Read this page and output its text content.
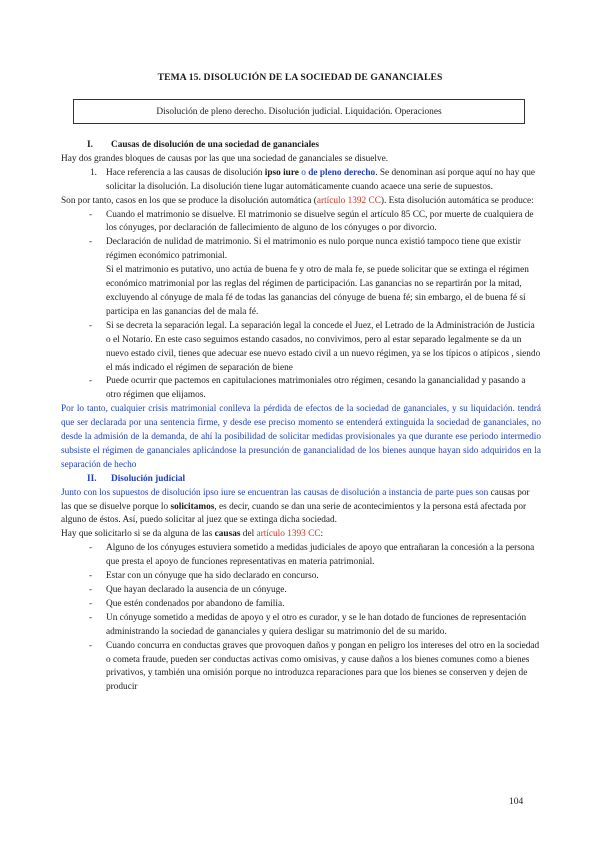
TEMA 15. DISOLUCIÓN DE LA SOCIEDAD DE GANANCIALES
Disolución de pleno derecho. Disolución judicial. Liquidación. Operaciones

I. Causas de disolución de una sociedad de gananciales

Hay dos grandes bloques de causas por las que una sociedad de gananciales se disuelve.

1. Hace referencia a las causas de disolución ipso iure o de pleno derecho. Se denominan así porque aquí no hay que solicitar la disolución. La disolución tiene lugar automáticamente cuando acaece una serie de supuestos.

Son por tanto, casos en los que se produce la disolución automática (artículo 1392 CC). Esta disolución automática se produce:

- Cuando el matrimonio se disuelve. El matrimonio se disuelve según el artículo 85 CC, por muerte de cualquiera de los cónyuges, por declaración de fallecimiento de alguno de los cónyuges o por divorcio.
- Declaración de nulidad de matrimonio. Si el matrimonio es nulo porque nunca existió tampoco tiene que existir régimen económico patrimonial.
Si el matrimonio es putativo, uno actúa de buena fe y otro de mala fe, se puede solicitar que se extinga el régimen económico matrimonial por las reglas del régimen de participación. Las ganancias no se repartirán por la mitad, excluyendo al cónyuge de mala fé de todas las ganancias del cónyuge de buena fé; sin embargo, el de buena fé sí participa en las ganancias del de mala fé.
- Si se decreta la separación legal. La separación legal la concede el Juez, el Letrado de la Administración de Justicia o el Notario. En este caso seguimos estando casados, no convivimos, pero al estar separado legalmente se da un nuevo estado civil, tienes que adecuar ese nuevo estado civil a un nuevo régimen, ya se los típicos o atípicos , siendo el más indicado el régimen de separación de biene
- Puede ocurrir que pactemos en capitulaciones matrimoniales otro régimen, cesando la ganancialidad y pasando a otro régimen que elijamos.

Por lo tanto, cualquier crisis matrimonial conlleva la pérdida de efectos de la sociedad de gananciales, y su liquidación. tendrá que ser declarada por una sentencia firme, y desde ese preciso momento se entenderá extinguida la sociedad de gananciales, no desde la admisión de la demanda, de ahí la posibilidad de solicitar medidas provisionales ya que durante ese periodo intermedio subsiste el régimen de gananciales aplicándose la presunción de ganancialidad de los bienes aunque hayan sido adquiridos en la separación de hecho

II. Disolución judicial

Junto con los supuestos de disolución ipso iure se encuentran las causas de disolución a instancia de parte pues son causas por las que se disuelve porque lo solicitamos, es decir, cuando se dan una serie de acontecimientos y la persona está afectada por alguno de éstos. Así, puedo solicitar al juez que se extinga dicha sociedad.

Hay que solicitarlo si se da alguna de las causas del artículo 1393 CC:

- Alguno de los cónyuges estuviera sometido a medidas judiciales de apoyo que entrañaran la concesión a la persona que presta el apoyo de funciones representativas en materia patrimonial.
- Estar con un cónyuge que ha sido declarado en concurso.
- Que hayan declarado la ausencia de un cónyuge.
- Que estén condenados por abandono de familia.
- Un cónyuge sometido a medidas de apoyo y el otro es curador, y se le han dotado de funciones de representación administrando la sociedad de gananciales y quiera desligar su matrimonio del de su marido.
- Cuando concurra en conductas graves que provoquen daños y pongan en peligro los intereses del otro en la sociedad o cometa fraude, pueden ser conductas activas como omisivas, y cause daños a los bienes comunes como a bienes privativos, y también una omisión porque no introduzca reparaciones para que los bienes se conserven y dejen de producir
104
